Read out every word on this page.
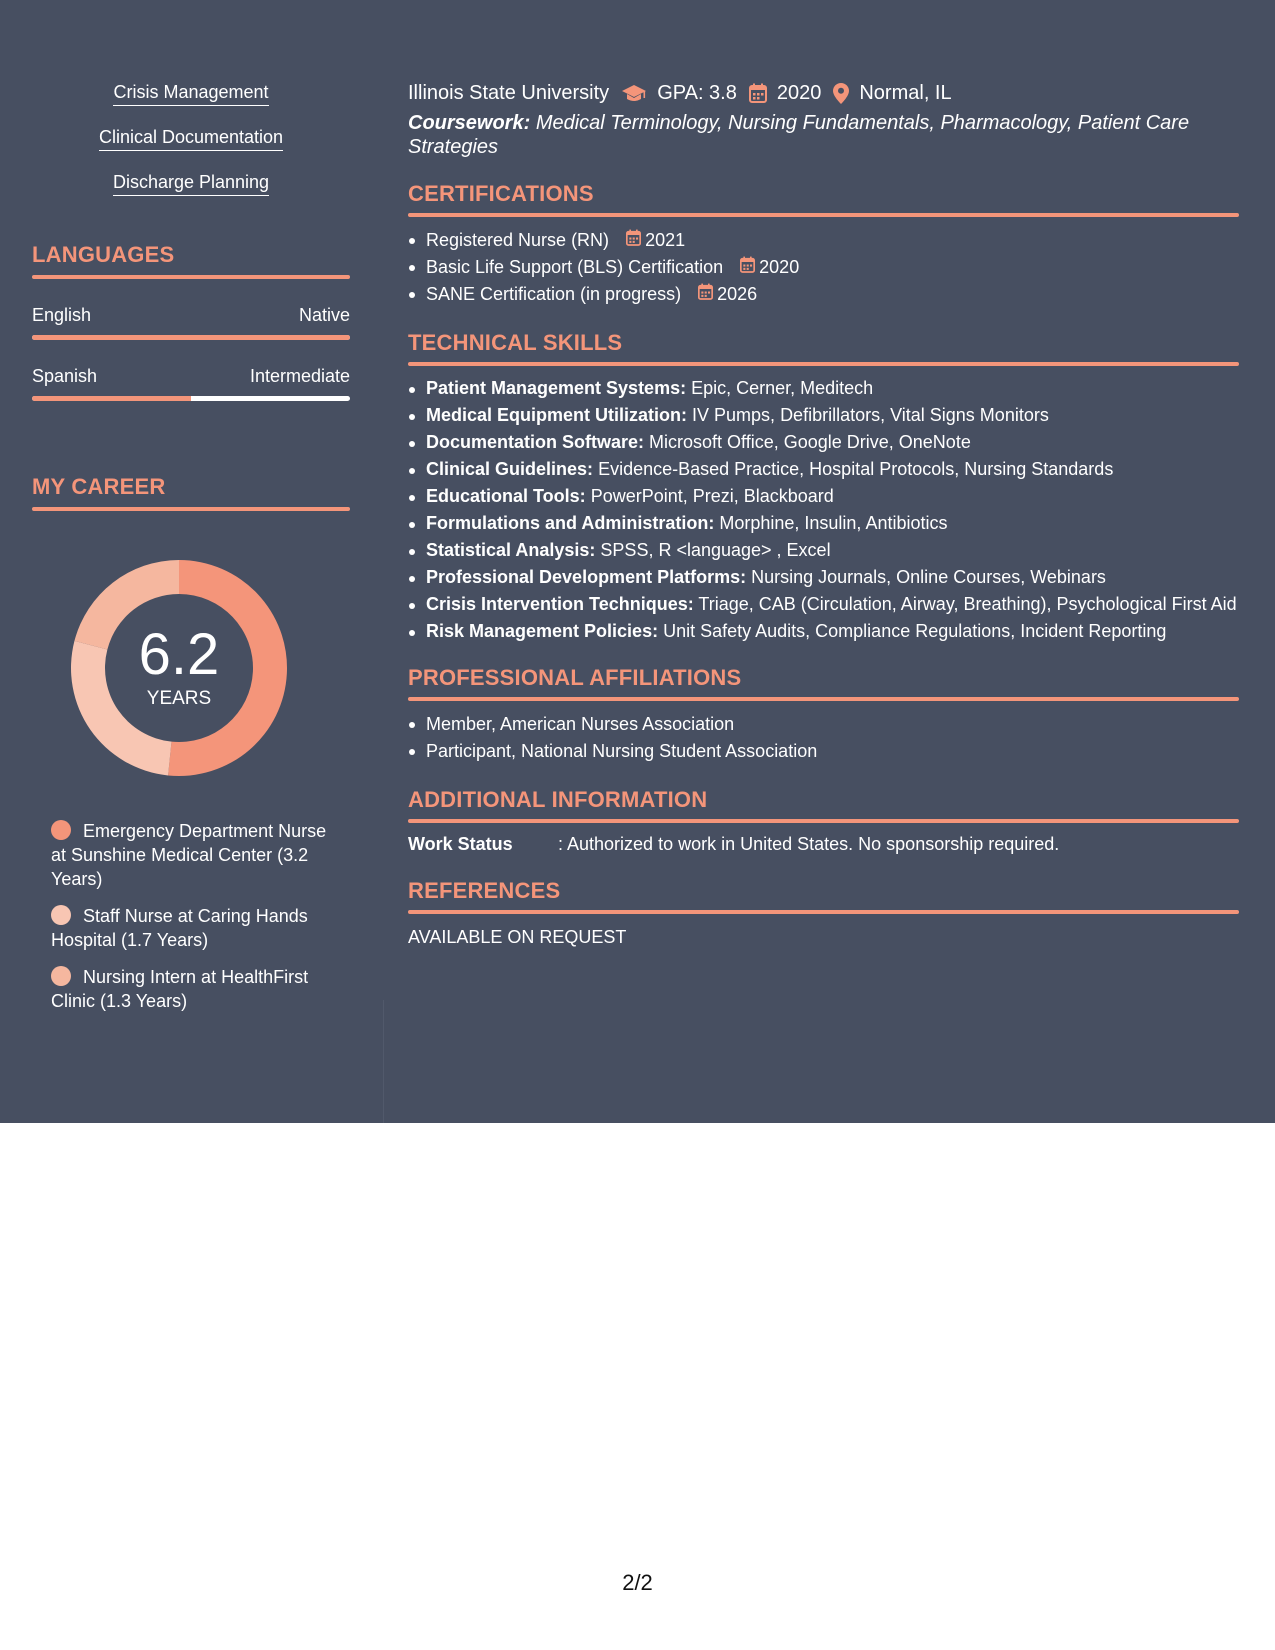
Crisis Management
Clinical Documentation
Discharge Planning
LANGUAGES
English	Native
Spanish	Intermediate
MY CAREER
6.2
YEARS
Emergency Department Nurse at Sunshine Medical Center (3.2 Years)
Staff Nurse at Caring Hands Hospital (1.7 Years)
Nursing Intern at HealthFirst Clinic (1.3 Years)
Illinois State University GPA: 3.8 2020 Normal, IL
Coursework: Medical Terminology, Nursing Fundamentals, Pharmacology, Patient Care Strategies
CERTIFICATIONS
Registered Nurse (RN) 2021
Basic Life Support (BLS) Certification 2020
SANE Certification (in progress) 2026
TECHNICAL SKILLS
Patient Management Systems: Epic, Cerner, Meditech
Medical Equipment Utilization: IV Pumps, Defibrillators, Vital Signs Monitors
Documentation Software: Microsoft Office, Google Drive, OneNote
Clinical Guidelines: Evidence-Based Practice, Hospital Protocols, Nursing Standards
Educational Tools: PowerPoint, Prezi, Blackboard
Formulations and Administration: Morphine, Insulin, Antibiotics
Statistical Analysis: SPSS, R <language> , Excel
Professional Development Platforms: Nursing Journals, Online Courses, Webinars
Crisis Intervention Techniques: Triage, CAB (Circulation, Airway, Breathing), Psychological First Aid
Risk Management Policies: Unit Safety Audits, Compliance Regulations, Incident Reporting
PROFESSIONAL AFFILIATIONS
Member, American Nurses Association
Participant, National Nursing Student Association
ADDITIONAL INFORMATION
Work Status	: Authorized to work in United States. No sponsorship required.
REFERENCES
AVAILABLE ON REQUEST
2/2
